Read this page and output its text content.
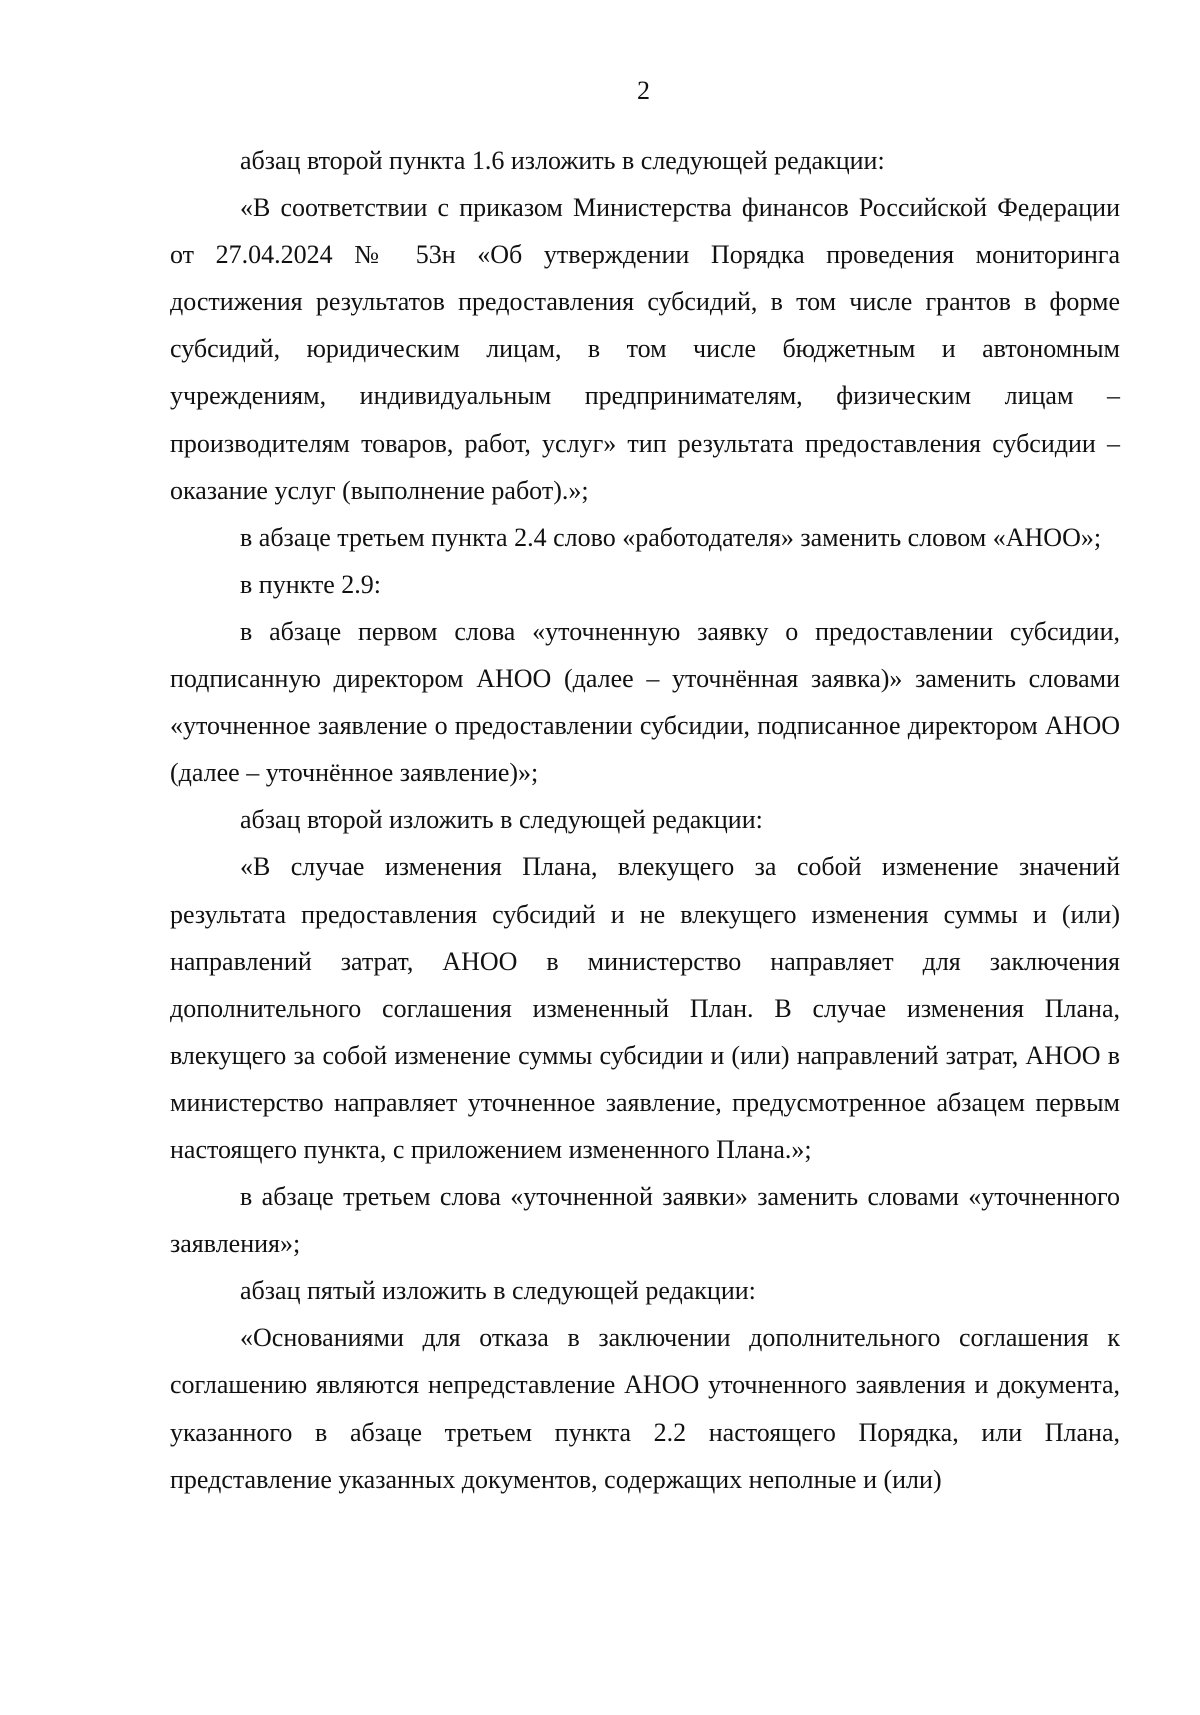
2

абзац второй пункта 1.6 изложить в следующей редакции:

«В соответствии с приказом Министерства финансов Российской Федерации от 27.04.2024 № 53н «Об утверждении Порядка проведения мониторинга достижения результатов предоставления субсидий, в том числе грантов в форме субсидий, юридическим лицам, в том числе бюджетным и автономным учреждениям, индивидуальным предпринимателям, физическим лицам – производителям товаров, работ, услуг» тип результата предоставления субсидии – оказание услуг (выполнение работ).»;

в абзаце третьем пункта 2.4 слово «работодателя» заменить словом «АНОО»;

в пункте 2.9:

в абзаце первом слова «уточненную заявку о предоставлении субсидии, подписанную директором АНОО (далее – уточнённая заявка)» заменить словами «уточненное заявление о предоставлении субсидии, подписанное директором АНОО (далее – уточнённое заявление)»;

абзац второй изложить в следующей редакции:

«В случае изменения Плана, влекущего за собой изменение значений результата предоставления субсидий и не влекущего изменения суммы и (или) направлений затрат, АНОО в министерство направляет для заключения дополнительного соглашения измененный План. В случае изменения Плана, влекущего за собой изменение суммы субсидии и (или) направлений затрат, АНОО в министерство направляет уточненное заявление, предусмотренное абзацем первым настоящего пункта, с приложением измененного Плана.»;

в абзаце третьем слова «уточненной заявки» заменить словами «уточненного заявления»;

абзац пятый изложить в следующей редакции:

«Основаниями для отказа в заключении дополнительного соглашения к соглашению являются непредставление АНОО уточненного заявления и документа, указанного в абзаце третьем пункта 2.2 настоящего Порядка, или Плана, представление указанных документов, содержащих неполные и (или)
